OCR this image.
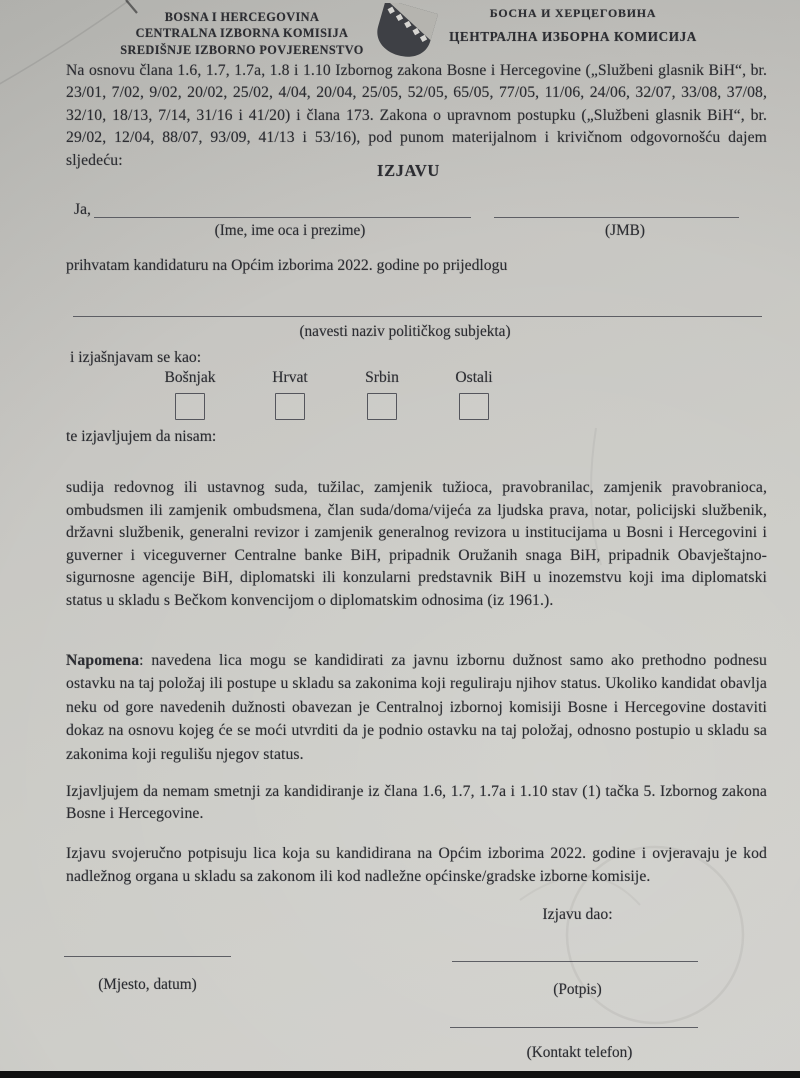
BOSNA I HERCEGOVINA
CENTRALNA IZBORNA KOMISIJA
SREDIŠNJE IZBORNO POVJERENSTVO
БОСНА И ХЕРЦЕГОВИНА
ЦЕНТРАЛНА ИЗБОРНА КОМИСИЈА
Na osnovu člana 1.6, 1.7, 1.7a, 1.8 i 1.10 Izbornog zakona Bosne i Hercegovine („Službeni glasnik BiH“, br. 23/01, 7/02, 9/02, 20/02, 25/02, 4/04, 20/04, 25/05, 52/05, 65/05, 77/05, 11/06, 24/06, 32/07, 33/08, 37/08, 32/10, 18/13, 7/14, 31/16 i 41/20) i člana 173. Zakona o upravnom postupku („Službeni glasnik BiH“, br. 29/02, 12/04, 88/07, 93/09, 41/13 i 53/16), pod punom materijalnom i krivičnom odgovornošću dajem sljedeću:
IZJAVU
Ja,
(Ime, ime oca i prezime)	(JMB)
prihvatam kandidaturu na Općim izborima 2022. godine po prijedlogu
(navesti naziv političkog subjekta)
i izjašnjavam se kao:
Bošnjak	Hrvat	Srbin	Ostali
te izjavljujem da nisam:
sudija redovnog ili ustavnog suda, tužilac, zamjenik tužioca, pravobranilac, zamjenik pravobranioca, ombudsmen ili zamjenik ombudsmena, član suda/doma/vijeća za ljudska prava, notar, policijski službenik, državni službenik, generalni revizor i zamjenik generalnog revizora u institucijama u Bosni i Hercegovini i guverner i viceguverner Centralne banke BiH, pripadnik Oružanih snaga BiH, pripadnik Obavještajno-sigurnosne agencije BiH, diplomatski ili konzularni predstavnik BiH u inozemstvu koji ima diplomatski status u skladu s Bečkom konvencijom o diplomatskim odnosima (iz 1961.).
Napomena: navedena lica mogu se kandidirati za javnu izbornu dužnost samo ako prethodno podnesu ostavku na taj položaj ili postupe u skladu sa zakonima koji reguliraju njihov status. Ukoliko kandidat obavlja neku od gore navedenih dužnosti obavezan je Centralnoj izbornoj komisiji Bosne i Hercegovine dostaviti dokaz na osnovu kojeg će se moći utvrditi da je podnio ostavku na taj položaj, odnosno postupio u skladu sa zakonima koji regulišu njegov status.
Izjavljujem da nemam smetnji za kandidiranje iz člana 1.6, 1.7, 1.7a i 1.10 stav (1) tačka 5. Izbornog zakona Bosne i Hercegovine.
Izjavu svojeručno potpisuju lica koja su kandidirana na Općim izborima 2022. godine i ovjeravaju je kod nadležnog organa u skladu sa zakonom ili kod nadležne općinske/gradske izborne komisije.
Izjavu dao:
(Mjesto, datum)	(Potpis)
(Kontakt telefon)
